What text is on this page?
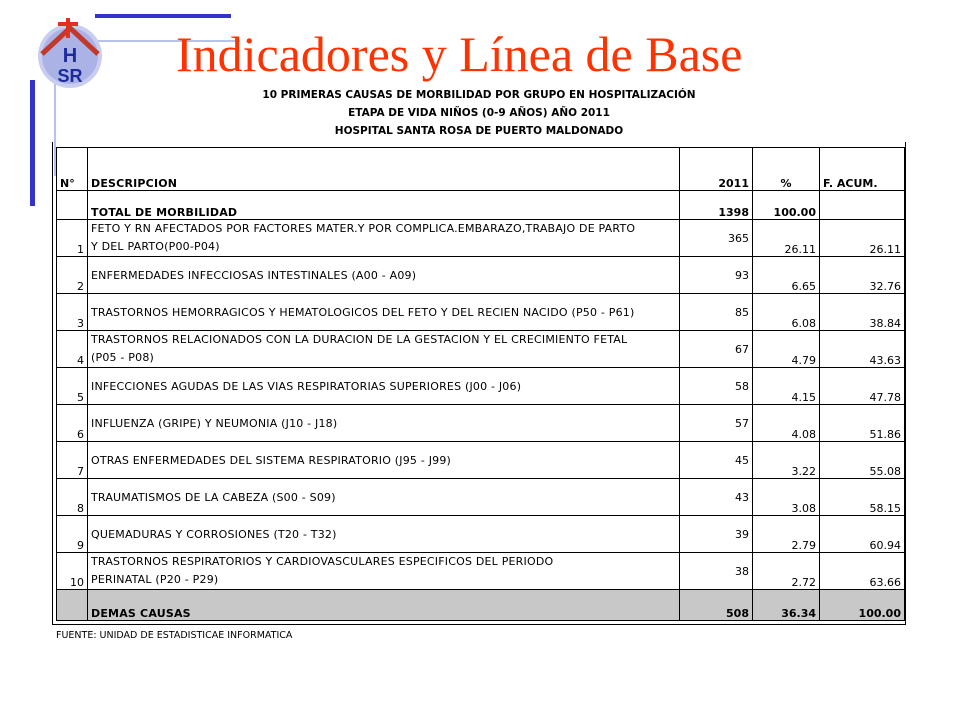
H
SR Indicadores y Línea de Base
10 PRIMERAS CAUSAS DE MORBILIDAD POR GRUPO EN HOSPITALIZACIÓN
ETAPA DE VIDA NIÑOS (0-9 AÑOS) AÑO 2011
HOSPITAL SANTA ROSA DE PUERTO MALDONADO
N°	DESCRIPCION	2011	%	F. ACUM.
	TOTAL DE MORBILIDAD	1398	100.00	
1	FETO Y RN AFECTADOS POR FACTORES MATER.Y POR COMPLICA.EMBARAZO,TRABAJO DE PARTO
Y DEL PARTO(P00-P04)	365	26.11	26.11
2	ENFERMEDADES INFECCIOSAS INTESTINALES (A00 - A09)	93	6.65	32.76
3	TRASTORNOS HEMORRAGICOS Y HEMATOLOGICOS DEL FETO Y DEL RECIEN NACIDO (P50 - P61)	85	6.08	38.84
4	TRASTORNOS RELACIONADOS CON LA DURACION DE LA GESTACION Y EL CRECIMIENTO FETAL
(P05 - P08)	67	4.79	43.63
5	INFECCIONES AGUDAS DE LAS VIAS RESPIRATORIAS SUPERIORES (J00 - J06)	58	4.15	47.78
6	INFLUENZA (GRIPE) Y NEUMONIA (J10 - J18)	57	4.08	51.86
7	OTRAS ENFERMEDADES DEL SISTEMA RESPIRATORIO (J95 - J99)	45	3.22	55.08
8	TRAUMATISMOS DE LA CABEZA (S00 - S09)	43	3.08	58.15
9	QUEMADURAS Y CORROSIONES (T20 - T32)	39	2.79	60.94
10	TRASTORNOS RESPIRATORIOS Y CARDIOVASCULARES ESPECIFICOS DEL PERIODO
PERINATAL (P20 - P29)	38	2.72	63.66
	DEMAS CAUSAS	508	36.34	100.00
FUENTE: UNIDAD DE ESTADISTICAE INFORMATICA
